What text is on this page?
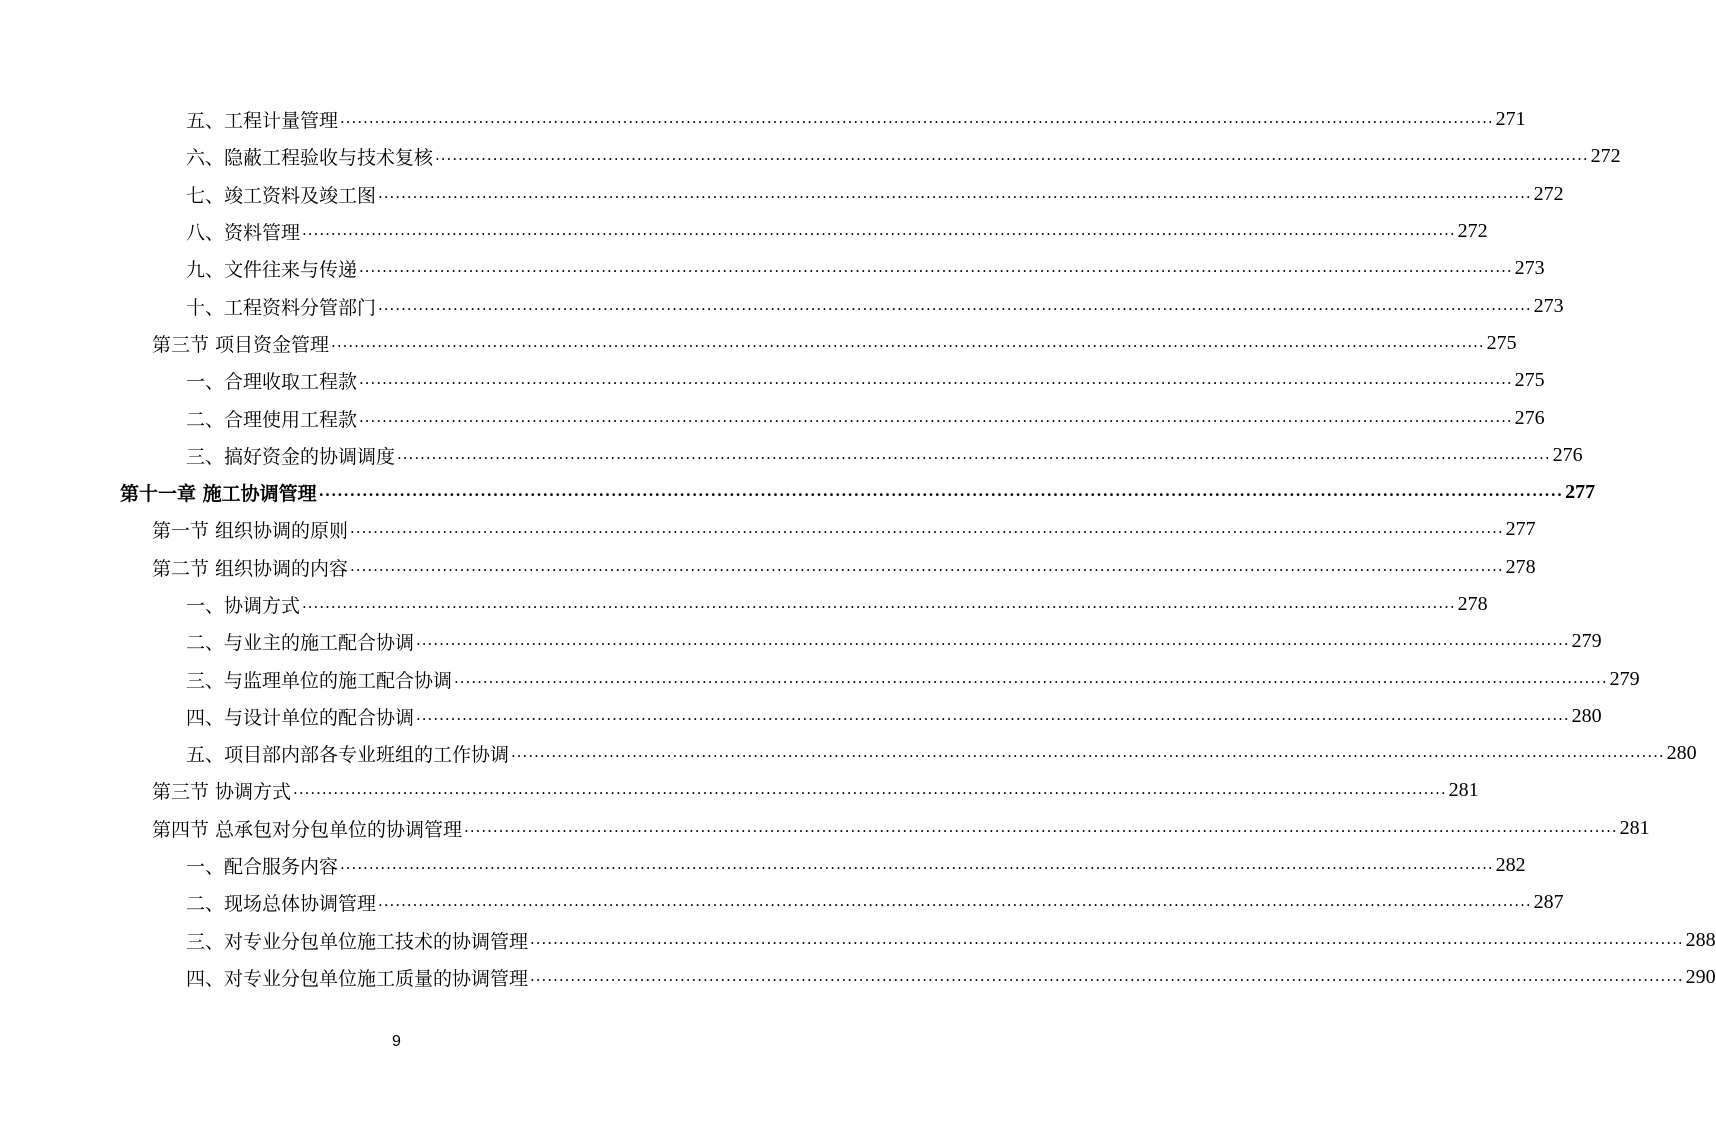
五、工程计量管理 ········································································································································································································ 271
六、隐蔽工程验收与技术复核 ········································································································································································································ 272
七、竣工资料及竣工图 ········································································································································································································ 272
八、资料管理 ········································································································································································································ 272
九、文件往来与传递 ········································································································································································································ 273
十、工程资料分管部门 ········································································································································································································ 273
第三节 项目资金管理 ········································································································································································································ 275
一、合理收取工程款 ········································································································································································································ 275
二、合理使用工程款 ········································································································································································································ 276
三、搞好资金的协调调度 ········································································································································································································ 276
第十一章 施工协调管理 ········································································································································································································ 277
第一节 组织协调的原则 ········································································································································································································ 277
第二节 组织协调的内容 ········································································································································································································ 278
一、协调方式 ········································································································································································································ 278
二、与业主的施工配合协调 ········································································································································································································ 279
三、与监理单位的施工配合协调 ········································································································································································································ 279
四、与设计单位的配合协调 ········································································································································································································ 280
五、项目部内部各专业班组的工作协调 ········································································································································································································ 280
第三节 协调方式 ········································································································································································································ 281
第四节 总承包对分包单位的协调管理 ········································································································································································································ 281
一、配合服务内容 ········································································································································································································ 282
二、现场总体协调管理 ········································································································································································································ 287
三、对专业分包单位施工技术的协调管理 ········································································································································································································ 288
四、对专业分包单位施工质量的协调管理 ········································································································································································································ 290
9
